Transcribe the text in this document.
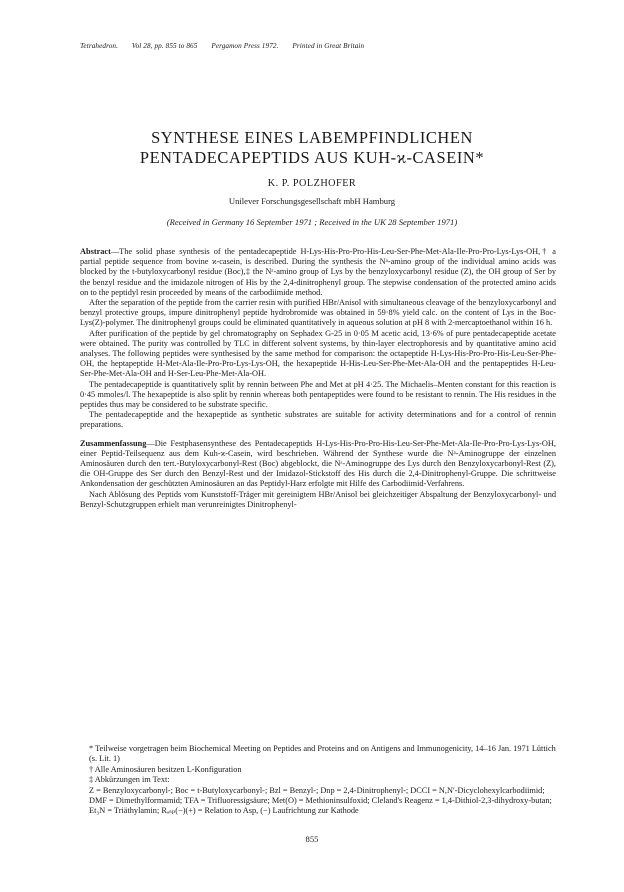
Tetrahedron. Vol 28, pp. 855 to 865 Pergamon Press 1972. Printed in Great Britain
SYNTHESE EINES LABEMPFINDLICHEN
PENTADECAPEPTIDS AUS KUH-ϰ-CASEIN*
K. P. POLZHOFER
Unilever Forschungsgesellschaft mbH Hamburg
(Received in Germany 16 September 1971 ; Received in the UK 28 September 1971)

Abstract—The solid phase synthesis of the pentadecapeptide H-Lys-His-Pro-Pro-His-Leu-Ser-Phe-Met-Ala-Ile-Pro-Pro-Lys-Lys-OH,† a partial peptide sequence from bovine ϰ-casein, is described. During the synthesis the Nᵃ-amino group of the individual amino acids was blocked by the t-butyloxycarbonyl residue (Boc),‡ the Nᵋ-amino group of Lys by the benzyloxycarbonyl residue (Z), the OH group of Ser by the benzyl residue and the imidazole nitrogen of His by the 2,4-dinitrophenyl group. The stepwise condensation of the protected amino acids on to the peptidyl resin proceeded by means of the carbodiimide method.

After the separation of the peptide from the carrier resin with purified HBr/Anisol with simultaneous cleavage of the benzyloxycarbonyl and benzyl protective groups, impure dinitrophenyl peptide hydrobromide was obtained in 59·8% yield calc. on the content of Lys in the Boc-Lys(Z)-polymer. The dinitrophenyl groups could be eliminated quantitatively in aqueous solution at pH 8 with 2-mercaptoethanol within 16 h.

After purification of the peptide by gel chromatography on Sephadex G-25 in 0·05 M acetic acid, 13·6% of pure pentadecapeptide acetate were obtained. The purity was controlled by TLC in different solvent systems, by thin-layer electrophoresis and by quantitative amino acid analyses. The following peptides were synthesised by the same method for comparison: the octapeptide H-Lys-His-Pro-Pro-His-Leu-Ser-Phe-OH, the heptapeptide H-Met-Ala-Ile-Pro-Pro-Lys-Lys-OH, the hexapeptide H-His-Leu-Ser-Phe-Met-Ala-OH and the pentapeptides H-Leu-Ser-Phe-Met-Ala-OH and H-Ser-Leu-Phe-Met-Ala-OH.

The pentadecapeptide is quantitatively split by rennin between Phe and Met at pH 4·25. The Michaelis–Menten constant for this reaction is 0·45 mmoles/l. The hexapeptide is also split by rennin whereas both pentapeptides were found to be resistant to rennin. The His residues in the peptides thus may be considered to be substrate specific.

The pentadecapeptide and the hexapeptide as synthetic substrates are suitable for activity determinations and for a control of rennin preparations.

Zusammenfassung—Die Festphasensynthese des Pentadecapeptids H-Lys-His-Pro-Pro-His-Leu-Ser-Phe-Met-Ala-Ile-Pro-Pro-Lys-Lys-OH, einer Peptid-Teilsequenz aus dem Kuh-ϰ-Casein, wird beschrieben. Während der Synthese wurde die Nᵃ-Aminogruppe der einzelnen Aminosäuren durch den tert.-Butyloxycarbonyl-Rest (Boc) abgeblockt, die Nᵋ-Aminogruppe des Lys durch den Benzyloxycarbonyl-Rest (Z), die OH-Gruppe des Ser durch den Benzyl-Rest und der Imidazol-Stickstoff des His durch die 2,4-Dinitrophenyl-Gruppe. Die schrittweise Ankondensation der geschützten Aminosäuren an das Peptidyl-Harz erfolgte mit Hilfe des Carbodiimid-Verfahrens.

Nach Ablösung des Peptids vom Kunststoff-Träger mit gereinigtem HBr/Anisol bei gleichzeitiger Abspaltung der Benzyloxycarbonyl- und Benzyl-Schutzgruppen erhielt man verunreinigtes Dinitrophenyl-

* Teilweise vorgetragen beim Biochemical Meeting on Peptides and Proteins and on Antigens and Immunogenicity, 14–16 Jan. 1971 Lüttich (s. Lit. 1)

† Alle Aminosäuren besitzen L-Konfiguration

‡ Abkürzungen im Text:

Z = Benzyloxycarbonyl-; Boc = t-Butyloxycarbonyl-; Bzl = Benzyl-; Dnp = 2,4-Dinitrophenyl-; DCCI = N,N′-Dicyclohexylcarbodiimid; DMF = Dimethylformamid; TFA = Trifluoressigsäure; Met(O) = Methioninsulfoxid; Cleland's Reagenz = 1,4-Dithiol-2,3-dihydroxy-butan; Et₃N = Triäthylamin; Rₐₛₚ(−)(+) = Relation to Asp, (−) Laufrichtung zur Kathode

855
